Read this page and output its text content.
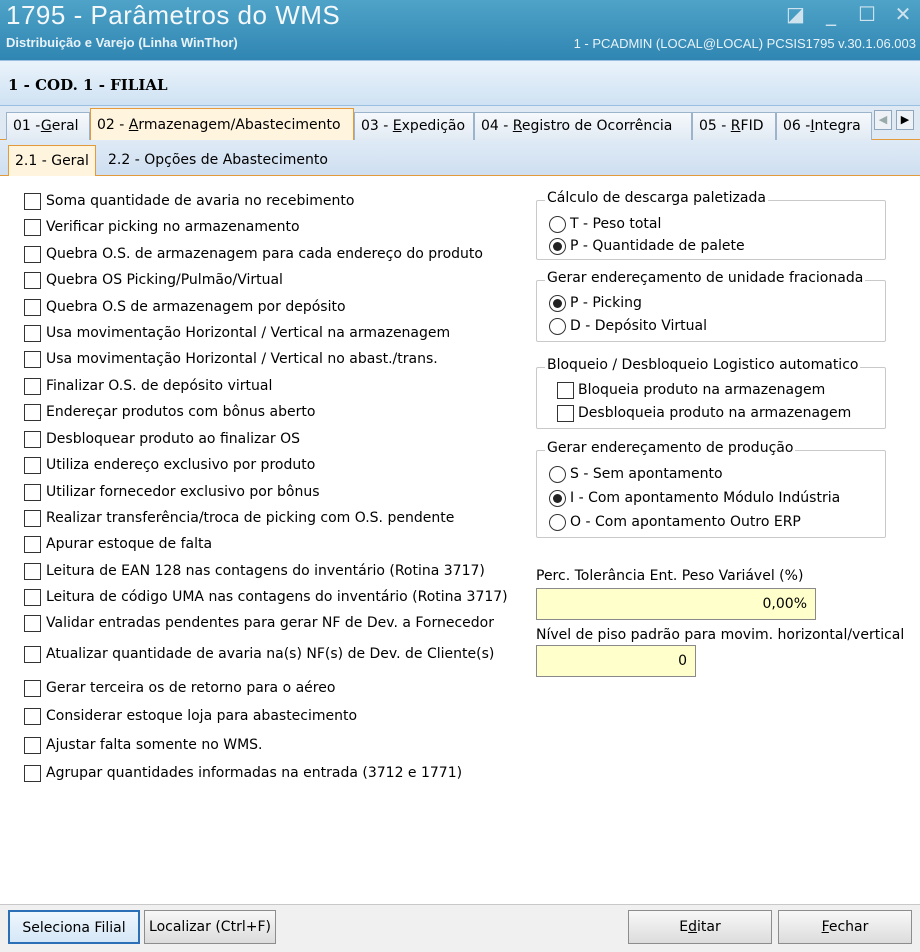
1795 - Parâmetros do WMS
Distribuição e Varejo (Linha WinThor)	1 - PCADMIN (LOCAL@LOCAL) PCSIS1795 v.30.1.06.003
◪ _ ☐ ✕
1 - COD. 1 - FILIAL
01 -Geral	02 - Armazenagem/Abastecimento	03 - Expedição	04 - Registro de Ocorrência	05 - RFID	06 -Integra	◀	▶
2.1 - Geral	2.2 - Opções de Abastecimento
Soma quantidade de avaria no recebimento
Verificar picking no armazenamento
Quebra O.S. de armazenagem para cada endereço do produto
Quebra OS Picking/Pulmão/Virtual
Quebra O.S de armazenagem por depósito
Usa movimentação Horizontal / Vertical na armazenagem
Usa movimentação Horizontal / Vertical no abast./trans.
Finalizar O.S. de depósito virtual
Endereçar produtos com bônus aberto
Desbloquear produto ao finalizar OS
Utiliza endereço exclusivo por produto
Utilizar fornecedor exclusivo por bônus
Realizar transferência/troca de picking com O.S. pendente
Apurar estoque de falta
Leitura de EAN 128 nas contagens do inventário (Rotina 3717)
Leitura de código UMA nas contagens do inventário (Rotina 3717)
Validar entradas pendentes para gerar NF de Dev. a Fornecedor
Atualizar quantidade de avaria na(s) NF(s) de Dev. de Cliente(s)
Gerar terceira os de retorno para o aéreo
Considerar estoque loja para abastecimento
Ajustar falta somente no WMS.
Agrupar quantidades informadas na entrada (3712 e 1771)
Cálculo de descarga paletizada
T - Peso total
P - Quantidade de palete
Gerar endereçamento de unidade fracionada
P - Picking
D - Depósito Virtual
Bloqueio / Desbloqueio Logistico automatico
Bloqueia produto na armazenagem
Desbloqueia produto na armazenagem
Gerar endereçamento de produção
S - Sem apontamento
I - Com apontamento Módulo Indústria
O - Com apontamento Outro ERP
Perc. Tolerância Ent. Peso Variável (%)
0,00%
Nível de piso padrão para movim. horizontal/vertical
0
Seleciona Filial	Localizar (Ctrl+F)	Editar	Fechar
